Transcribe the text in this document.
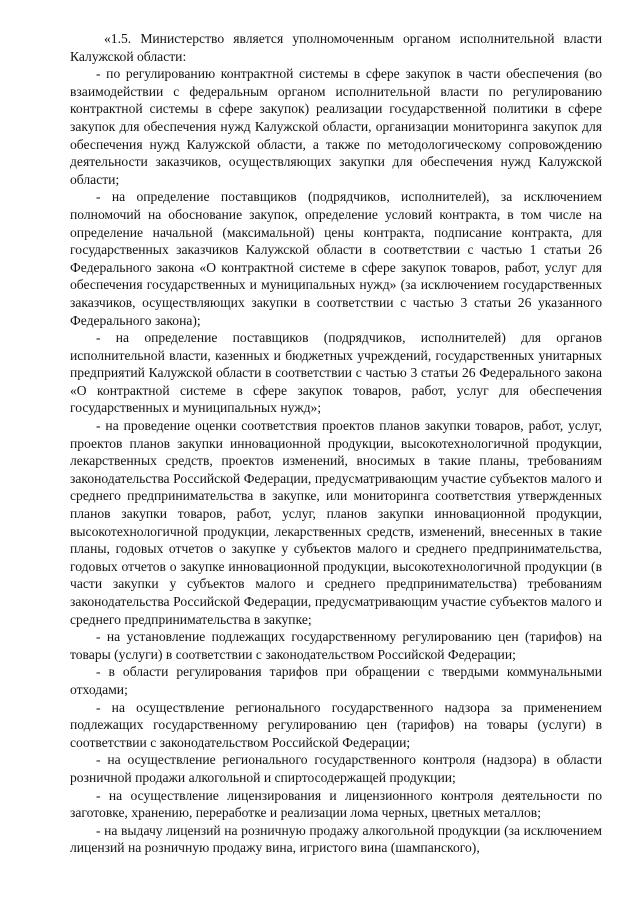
«1.5. Министерство является уполномоченным органом исполнительной власти Калужской области:

- по регулированию контрактной системы в сфере закупок в части обеспечения (во взаимодействии с федеральным органом исполнительной власти по регулированию контрактной системы в сфере закупок) реализации государственной политики в сфере закупок для обеспечения нужд Калужской области, организации мониторинга закупок для обеспечения нужд Калужской области, а также по методологическому сопровождению деятельности заказчиков, осуществляющих закупки для обеспечения нужд Калужской области;

- на определение поставщиков (подрядчиков, исполнителей), за исключением полномочий на обоснование закупок, определение условий контракта, в том числе на определение начальной (максимальной) цены контракта, подписание контракта, для государственных заказчиков Калужской области в соответствии с частью 1 статьи 26 Федерального закона «О контрактной системе в сфере закупок товаров, работ, услуг для обеспечения государственных и муниципальных нужд» (за исключением государственных заказчиков, осуществляющих закупки в соответствии с частью 3 статьи 26 указанного Федерального закона);

- на определение поставщиков (подрядчиков, исполнителей) для органов исполнительной власти, казенных и бюджетных учреждений, государственных унитарных предприятий Калужской области в соответствии с частью 3 статьи 26 Федерального закона «О контрактной системе в сфере закупок товаров, работ, услуг для обеспечения государственных и муниципальных нужд»;

- на проведение оценки соответствия проектов планов закупки товаров, работ, услуг, проектов планов закупки инновационной продукции, высокотехнологичной продукции, лекарственных средств, проектов изменений, вносимых в такие планы, требованиям законодательства Российской Федерации, предусматривающим участие субъектов малого и среднего предпринимательства в закупке, или мониторинга соответствия утвержденных планов закупки товаров, работ, услуг, планов закупки инновационной продукции, высокотехнологичной продукции, лекарственных средств, изменений, внесенных в такие планы, годовых отчетов о закупке у субъектов малого и среднего предпринимательства, годовых отчетов о закупке инновационной продукции, высокотехнологичной продукции (в части закупки у субъектов малого и среднего предпринимательства) требованиям законодательства Российской Федерации, предусматривающим участие субъектов малого и среднего предпринимательства в закупке;

- на установление подлежащих государственному регулированию цен (тарифов) на товары (услуги) в соответствии с законодательством Российской Федерации;

- в области регулирования тарифов при обращении с твердыми коммунальными отходами;

- на осуществление регионального государственного надзора за применением подлежащих государственному регулированию цен (тарифов) на товары (услуги) в соответствии с законодательством Российской Федерации;

- на осуществление регионального государственного контроля (надзора) в области розничной продажи алкогольной и спиртосодержащей продукции;

- на осуществление лицензирования и лицензионного контроля деятельности по заготовке, хранению, переработке и реализации лома черных, цветных металлов;

- на выдачу лицензий на розничную продажу алкогольной продукции (за исключением лицензий на розничную продажу вина, игристого вина (шампанского),
